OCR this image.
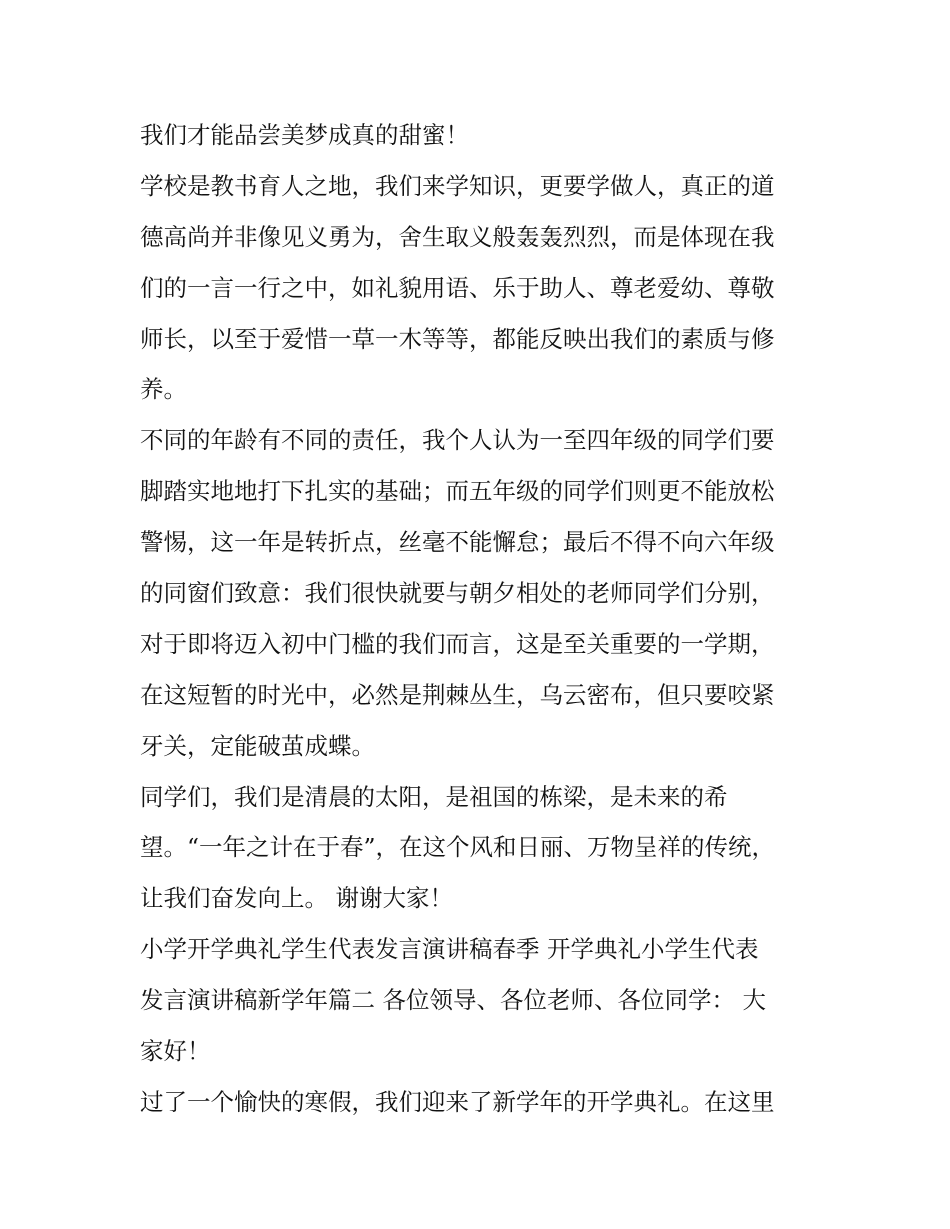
我们才能品尝美梦成真的甜蜜！
学校是教书育人之地，我们来学知识，更要学做人，真正的道
德高尚并非像见义勇为，舍生取义般轰轰烈烈，而是体现在我
们的一言一行之中，如礼貌用语、乐于助人、尊老爱幼、尊敬
师长，以至于爱惜一草一木等等，都能反映出我们的素质与修
养。
不同的年龄有不同的责任，我个人认为一至四年级的同学们要
脚踏实地地打下扎实的基础；而五年级的同学们则更不能放松
警惕，这一年是转折点，丝毫不能懈怠；最后不得不向六年级
的同窗们致意：我们很快就要与朝夕相处的老师同学们分别，
对于即将迈入初中门槛的我们而言，这是至关重要的一学期，
在这短暂的时光中，必然是荆棘丛生，乌云密布，但只要咬紧
牙关，定能破茧成蝶。
同学们，我们是清晨的太阳，是祖国的栋梁，是未来的希
望。“一年之计在于春”，在这个风和日丽、万物呈祥的传统，
让我们奋发向上。 谢谢大家！
小学开学典礼学生代表发言演讲稿春季 开学典礼小学生代表
发言演讲稿新学年篇二 各位领导、各位老师、各位同学： 大
家好！
过了一个愉快的寒假，我们迎来了新学年的开学典礼。在这里
